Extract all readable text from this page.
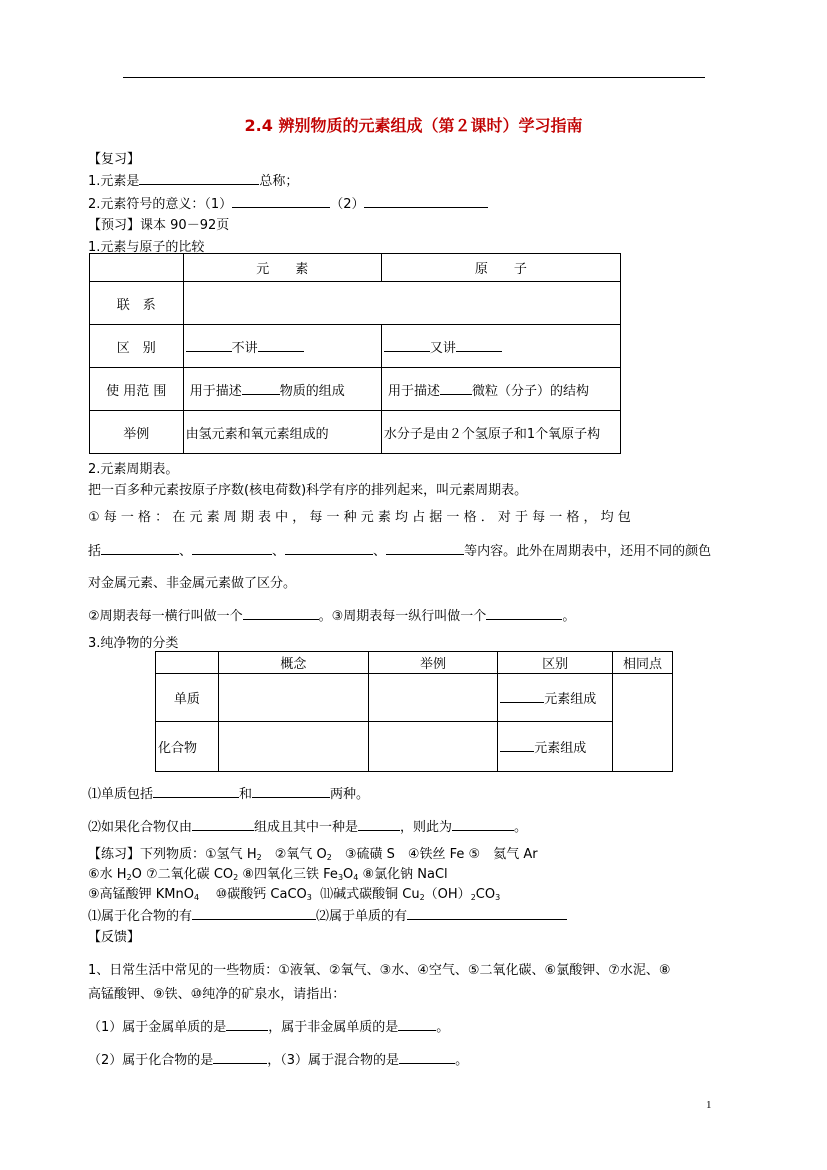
2.4 辨别物质的元素组成（第２课时）学习指南
【复习】
1.元素是	总称；
2.元素符号的意义：（1）	（2）
【预习】课本 90－92页
1.元素与原子的比较
	元　　素	原　　子
联　系		
区　别	不讲	又讲
使 用范 围	用于描述 物质的组成	用于描述 微粒（分子）的结构
举例	由氢元素和氧元素组成的	水分子是由２个氢原子和1个氧原子构
2.元素周期表。
把一百多种元素按原子序数(核电荷数)科学有序的排列起来，叫元素周期表。
① 每 一 格 ： 在 元 素 周 期 表 中 ， 每 一 种 元 素 均 占 据 一 格 ． 对 于 每 一 格 ， 均 包
括	、	、	、	等内容。此外在周期表中，还用不同的颜色
对金属元素、非金属元素做了区分。
②周期表每一横行叫做一个	。③周期表每一纵行叫做一个	。
3.纯净物的分类
	概念	举例	区别	相同点
单质			元素组成	
化合物			元素组成	
⑴单质包括	和	两种。
⑵如果化合物仅由	组成且其中一种是	，则此为	。
【练习】下列物质：①氢气 $H_2$　②氧气 $O_2$　③硫磺 S　④铁丝 Fe ⑤　氦气 Ar
⑥水 $H_2O$ ⑦二氧化碳 $CO_2$ ⑧四氧化三铁 $Fe_3O_4$ ⑧氯化钠 NaCl
⑨高锰酸钾 KMnO$_4$ ⑩碳酸钙 CaCO$_3$ ⑾碱式碳酸铜 $Cu_2(OH)_2CO_3$
⑴属于化合物的有	⑵属于单质的有
【反馈】
1、日常生活中常见的一些物质：①液氧、②氧气、③水、④空气、⑤二氧化碳、⑥氯酸钾、⑦水泥、⑧
高锰酸钾、⑨铁、⑩纯净的矿泉水，请指出：
（1）属于金属单质的是	，属于非金属单质的是	。
（2）属于化合物的是	，（3）属于混合物的是	。
1
